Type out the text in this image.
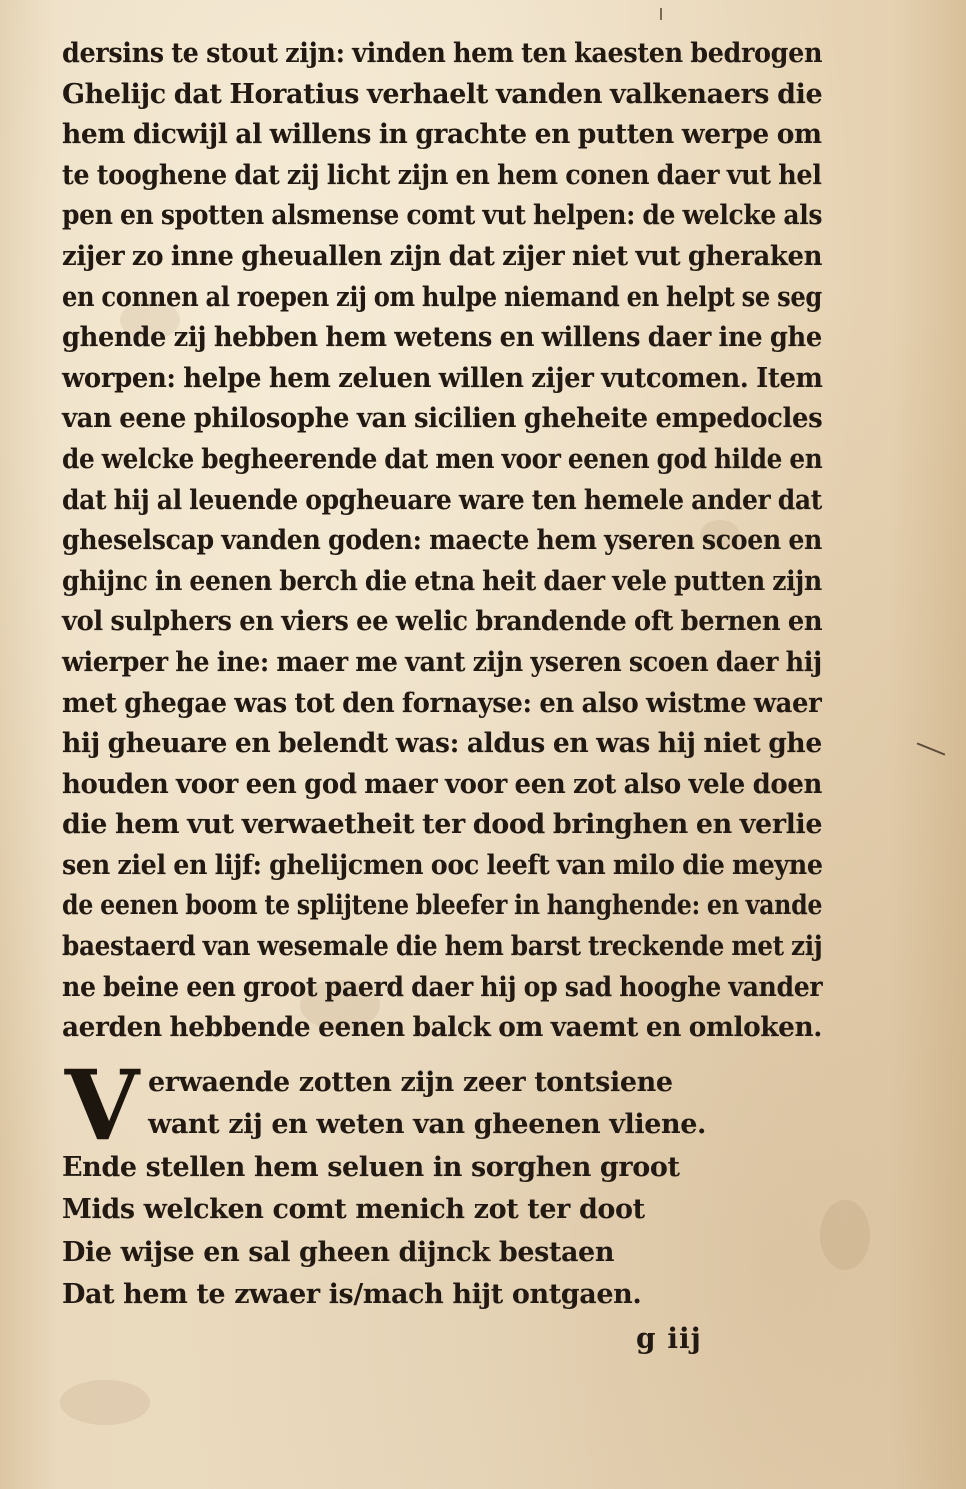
dersins te stout zijn: vinden hem ten kaesten bedrogen
Ghelijc dat Horatius verhaelt vanden valkenaers die
hem dicwijl al willens in grachte en putten werpe om
te tooghene dat zij licht zijn en hem conen daer vut hel
pen en spotten alsmense comt vut helpen: de welcke als
zijer zo inne gheuallen zijn dat zijer niet vut gheraken
en connen al roepen zij om hulpe niemand en helpt se seg
ghende zij hebben hem wetens en willens daer ine ghe
worpen: helpe hem zeluen willen zijer vutcomen. Item
van eene philosophe van sicilien gheheite empedocles
de welcke begheerende dat men voor eenen god hilde en
dat hij al leuende opgheuare ware ten hemele ander dat
gheselscap vanden goden: maecte hem yseren scoen en
ghijnc in eenen berch die etna heit daer vele putten zijn
vol sulphers en viers ee welic brandende oft bernen en
wierper he ine: maer me vant zijn yseren scoen daer hij
met ghegae was tot den fornayse: en also wistme waer
hij gheuare en belendt was: aldus en was hij niet ghe
houden voor een god maer voor een zot also vele doen
die hem vut verwaetheit ter dood bringhen en verlie
sen ziel en lijf: ghelijcmen ooc leeft van milo die meyne
de eenen boom te splijtene bleefer in hanghende: en vande
baestaerd van wesemale die hem barst treckende met zij
ne beine een groot paerd daer hij op sad hooghe vander
aerden hebbende eenen balck om vaemt en omloken.
V erwaende zotten zijn zeer tontsiene
want zij en weten van gheenen vliene.
Ende stellen hem seluen in sorghen groot
Mids welcken comt menich zot ter doot
Die wijse en sal gheen dijnck bestaen
Dat hem te zwaer is/mach hijt ontgaen.
g iij
